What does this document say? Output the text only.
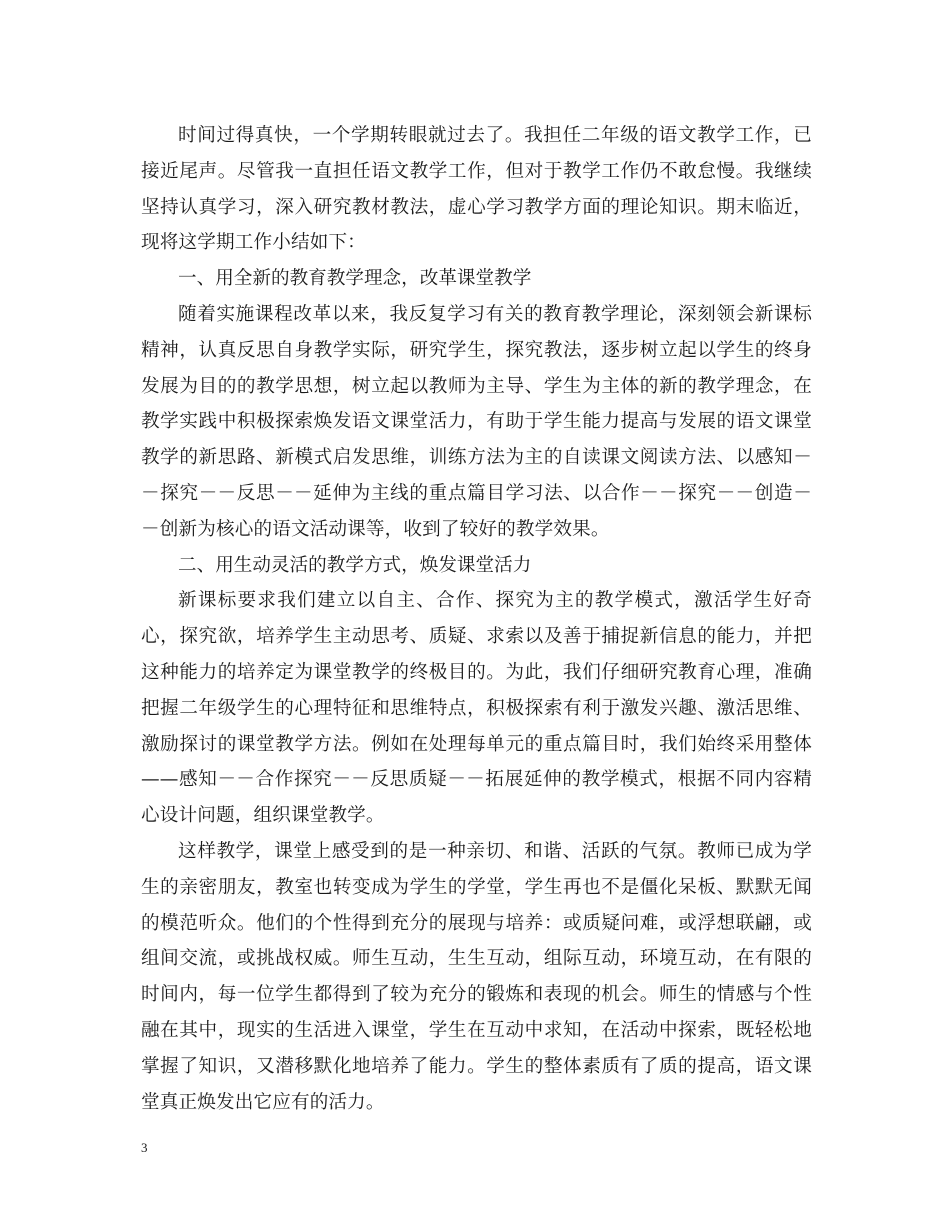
时间过得真快，一个学期转眼就过去了。我担任二年级的语文教学工作，已接近尾声。尽管我一直担任语文教学工作，但对于教学工作仍不敢怠慢。我继续坚持认真学习，深入研究教材教法，虚心学习教学方面的理论知识。期末临近，现将这学期工作小结如下：

一、用全新的教育教学理念，改革课堂教学

随着实施课程改革以来，我反复学习有关的教育教学理论，深刻领会新课标精神，认真反思自身教学实际，研究学生，探究教法，逐步树立起以学生的终身发展为目的的教学思想，树立起以教师为主导、学生为主体的新的教学理念，在教学实践中积极探索焕发语文课堂活力，有助于学生能力提高与发展的语文课堂教学的新思路、新模式启发思维，训练方法为主的自读课文阅读方法、以感知－－探究－－反思－－延伸为主线的重点篇目学习法、以合作－－探究－－创造－－创新为核心的语文活动课等，收到了较好的教学效果。

二、用生动灵活的教学方式，焕发课堂活力

新课标要求我们建立以自主、合作、探究为主的教学模式，激活学生好奇心，探究欲，培养学生主动思考、质疑、求索以及善于捕捉新信息的能力，并把这种能力的培养定为课堂教学的终极目的。为此，我们仔细研究教育心理，准确把握二年级学生的心理特征和思维特点，积极探索有利于激发兴趣、激活思维、激励探讨的课堂教学方法。例如在处理每单元的重点篇目时，我们始终采用整体 ——感知－－合作探究－－反思质疑－－拓展延伸的教学模式，根据不同内容精心设计问题，组织课堂教学。

这样教学，课堂上感受到的是一种亲切、和谐、活跃的气氛。教师已成为学生的亲密朋友，教室也转变成为学生的学堂，学生再也不是僵化呆板、默默无闻的模范听众。他们的个性得到充分的展现与培养：或质疑问难，或浮想联翩，或组间交流，或挑战权威。师生互动，生生互动，组际互动，环境互动，在有限的时间内，每一位学生都得到了较为充分的锻炼和表现的机会。师生的情感与个性融在其中，现实的生活进入课堂，学生在互动中求知，在活动中探索，既轻松地掌握了知识，又潜移默化地培养了能力。学生的整体素质有了质的提高，语文课堂真正焕发出它应有的活力。

3
